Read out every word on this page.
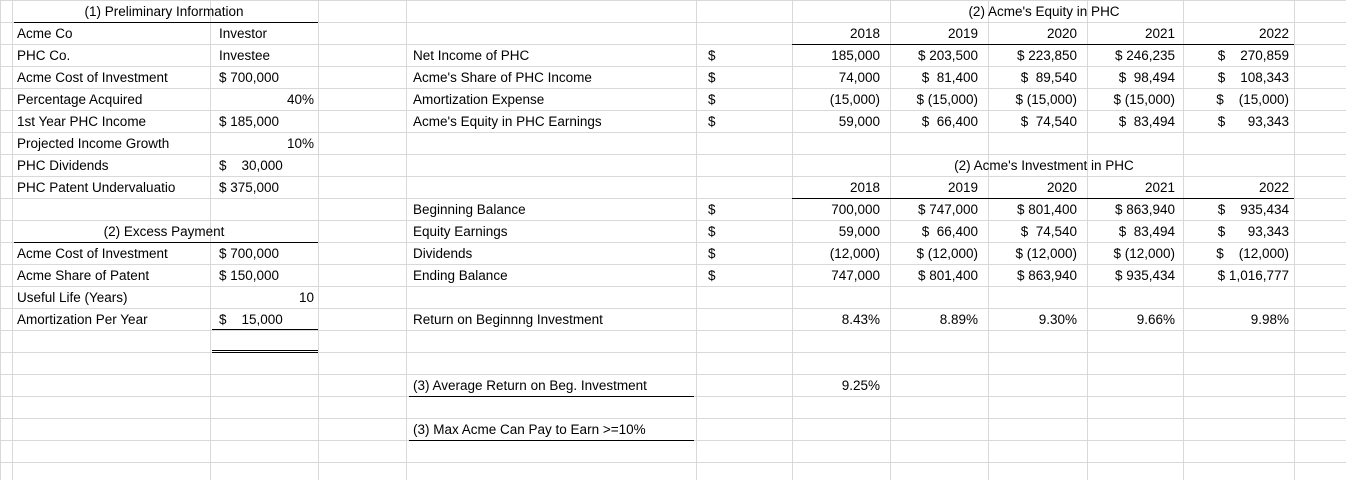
(1) Preliminary Information
Acme Co	Investor
PHC Co.	Investee
Acme Cost of Investment	$ 700,000
Percentage Acquired	40%
1st Year PHC Income	$ 185,000
Projected Income Growth	10%
PHC Dividends	$    30,000
PHC Patent Undervaluatio	$ 375,000
(2) Excess Payment
Acme Cost of Investment	$ 700,000
Acme Share of Patent	$ 150,000
Useful Life (Years)	10
Amortization Per Year	$    15,000
(2) Acme's Equity in PHC
2018	2019	2020	2021	2022
Net Income of PHC	$	185,000	$ 203,500	$ 223,850	$ 246,235	$    270,859
Acme's Share of PHC Income	$	74,000	$  81,400	$  89,540	$  98,494	$    108,343
Amortization Expense	$	(15,000)	$ (15,000)	$ (15,000)	$ (15,000)	$    (15,000)
Acme's Equity in PHC Earnings	$	59,000	$  66,400	$  74,540	$  83,494	$      93,343
(2) Acme's Investment in PHC
2018	2019	2020	2021	2022
Beginning Balance	$	700,000	$ 747,000	$ 801,400	$ 863,940	$    935,434
Equity Earnings	$	59,000	$  66,400	$  74,540	$  83,494	$      93,343
Dividends	$	(12,000)	$ (12,000)	$ (12,000)	$ (12,000)	$    (12,000)
Ending Balance	$	747,000	$ 801,400	$ 863,940	$ 935,434	$ 1,016,777
Return on Beginnng Investment	8.43%	8.89%	9.30%	9.66%	9.98%
(3) Average Return on Beg. Investment	9.25%
(3) Max Acme Can Pay to Earn >=10%
